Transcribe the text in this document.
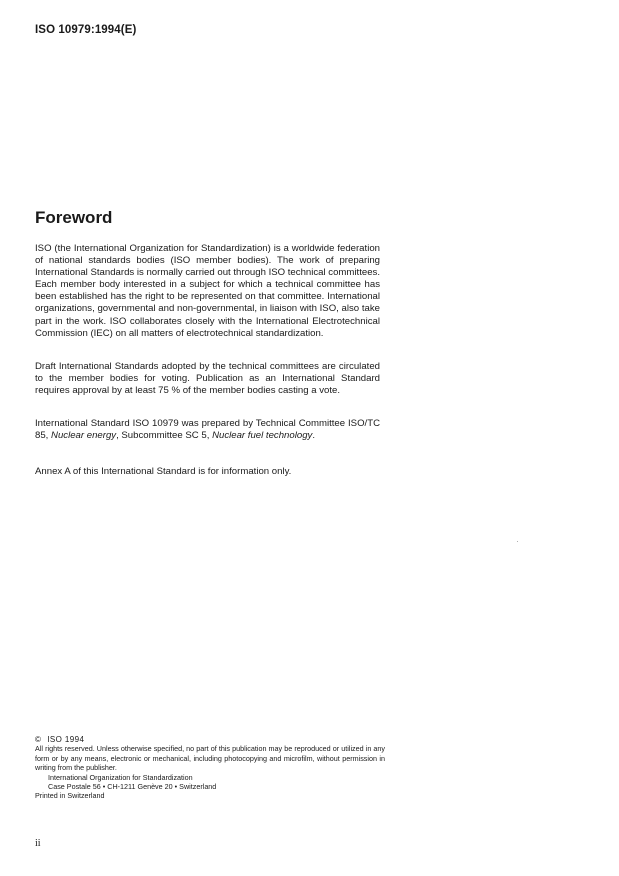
ISO 10979:1994(E)

Foreword

ISO (the International Organization for Standardization) is a worldwide federation of national standards bodies (ISO member bodies). The work of preparing International Standards is normally carried out through ISO technical committees. Each member body interested in a subject for which a technical committee has been established has the right to be represented on that committee. International organizations, governmental and non-governmental, in liaison with ISO, also take part in the work. ISO collaborates closely with the International Electrotechnical Commission (IEC) on all matters of electrotechnical standardization.

Draft International Standards adopted by the technical committees are circulated to the member bodies for voting. Publication as an International Standard requires approval by at least 75 % of the member bodies casting a vote.

International Standard ISO 10979 was prepared by Technical Committee ISO/TC 85, Nuclear energy, Subcommittee SC 5, Nuclear fuel technology.

Annex A of this International Standard is for information only.

© ISO 1994

All rights reserved. Unless otherwise specified, no part of this publication may be reproduced or utilized in any form or by any means, electronic or mechanical, including photocopying and microfilm, without permission in writing from the publisher.

International Organization for Standardization

Case Postale 56 • CH-1211 Genève 20 • Switzerland

Printed in Switzerland

ii
